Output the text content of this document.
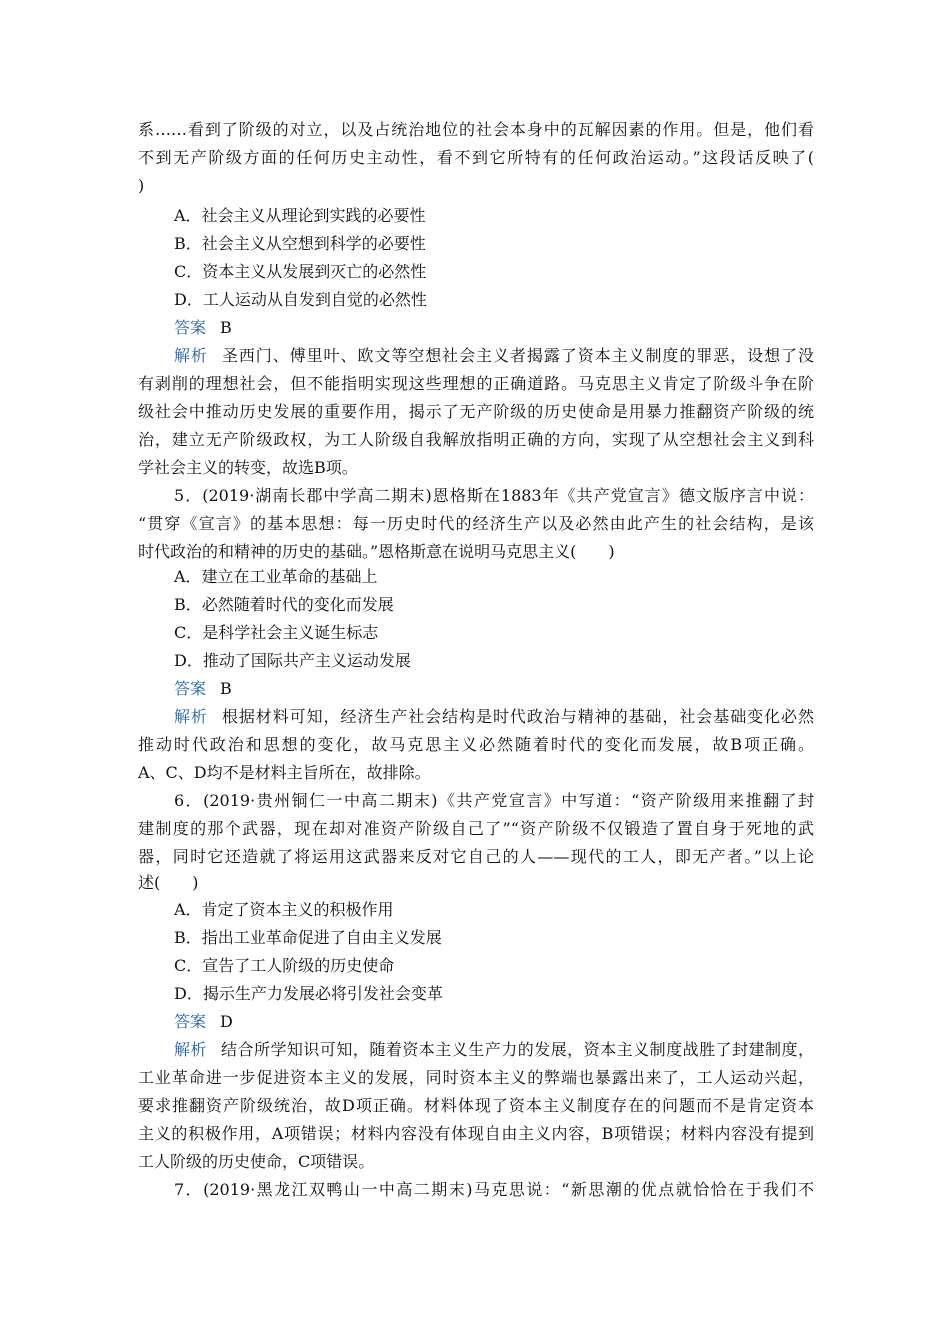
系……看到了阶级的对立，以及占统治地位的社会本身中的瓦解因素的作用。但是，他们看
不到无产阶级方面的任何历史主动性，看不到它所特有的任何政治运动。”这段话反映了(
)
A．社会主义从理论到实践的必要性
B．社会主义从空想到科学的必要性
C．资本主义从发展到灭亡的必然性
D．工人运动从自发到自觉的必然性
答案 B
解析 圣西门、傅里叶、欧文等空想社会主义者揭露了资本主义制度的罪恶，设想了没
有剥削的理想社会，但不能指明实现这些理想的正确道路。马克思主义肯定了阶级斗争在阶
级社会中推动历史发展的重要作用，揭示了无产阶级的历史使命是用暴力推翻资产阶级的统
治，建立无产阶级政权，为工人阶级自我解放指明正确的方向，实现了从空想社会主义到科
学社会主义的转变，故选B项。
5．(2019·湖南长郡中学高二期末)恩格斯在1883年《共产党宣言》德文版序言中说：
“贯穿《宣言》的基本思想：每一历史时代的经济生产以及必然由此产生的社会结构，是该
时代政治的和精神的历史的基础。”恩格斯意在说明马克思主义(　　)
A．建立在工业革命的基础上
B．必然随着时代的变化而发展
C．是科学社会主义诞生标志
D．推动了国际共产主义运动发展
答案 B
解析 根据材料可知，经济生产社会结构是时代政治与精神的基础，社会基础变化必然
推动时代政治和思想的变化，故马克思主义必然随着时代的变化而发展，故B项正确。
A、C、D均不是材料主旨所在，故排除。
6．(2019·贵州铜仁一中高二期末)《共产党宣言》中写道：“资产阶级用来推翻了封
建制度的那个武器，现在却对准资产阶级自己了”“资产阶级不仅锻造了置自身于死地的武
器，同时它还造就了将运用这武器来反对它自己的人——现代的工人，即无产者。”以上论
述(　　)
A．肯定了资本主义的积极作用
B．指出工业革命促进了自由主义发展
C．宣告了工人阶级的历史使命
D．揭示生产力发展必将引发社会变革
答案 D
解析 结合所学知识可知，随着资本主义生产力的发展，资本主义制度战胜了封建制度，
工业革命进一步促进资本主义的发展，同时资本主义的弊端也暴露出来了，工人运动兴起，
要求推翻资产阶级统治，故D项正确。材料体现了资本主义制度存在的问题而不是肯定资本
主义的积极作用，A项错误；材料内容没有体现自由主义内容，B项错误；材料内容没有提到
工人阶级的历史使命，C项错误。
7．(2019·黑龙江双鸭山一中高二期末)马克思说：“新思潮的优点就恰恰在于我们不
